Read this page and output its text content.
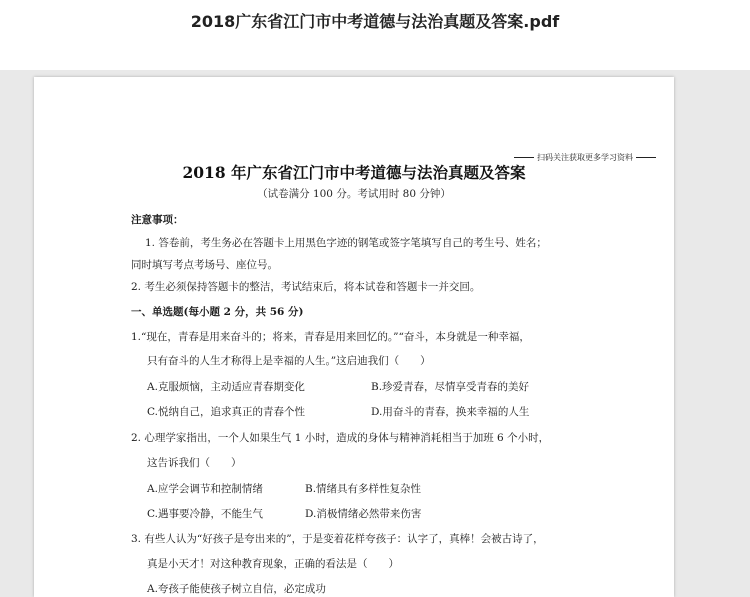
2018广东省江门市中考道德与法治真题及答案.pdf
扫码关注获取更多学习资料
2018 年广东省江门市中考道德与法治真题及答案
（试卷满分 100 分。考试用时 80 分钟）
注意事项：
1. 答卷前，考生务必在答题卡上用黑色字迹的钢笔或签字笔填写自己的考生号、姓名；
同时填写考点考场号、座位号。
2. 考生必须保持答题卡的整洁，考试结束后，将本试卷和答题卡一并交回。
一、单选题(每小题 2 分，共 56 分)
1.“现在，青春是用来奋斗的；将来，青春是用来回忆的。”“奋斗，本身就是一种幸福，
只有奋斗的人生才称得上是幸福的人生。”这启迪我们（　　）
A.克服烦恼，主动适应青春期变化	B.珍爱青春，尽情享受青春的美好
C.悦纳自己，追求真正的青春个性	D.用奋斗的青春，换来幸福的人生
2. 心理学家指出，一个人如果生气 1 小时，造成的身体与精神消耗相当于加班 6 个小时，
这告诉我们（　　）
A.应学会调节和控制情绪	B.情绪具有多样性复杂性
C.遇事要冷静，不能生气	D.消极情绪必然带来伤害
3. 有些人认为“好孩子是夸出来的”，于是变着花样夸孩子：认字了，真棒！会被古诗了，
真是小天才！对这种教育现象，正确的看法是（　　）
A.夸孩子能使孩子树立自信，必定成功
